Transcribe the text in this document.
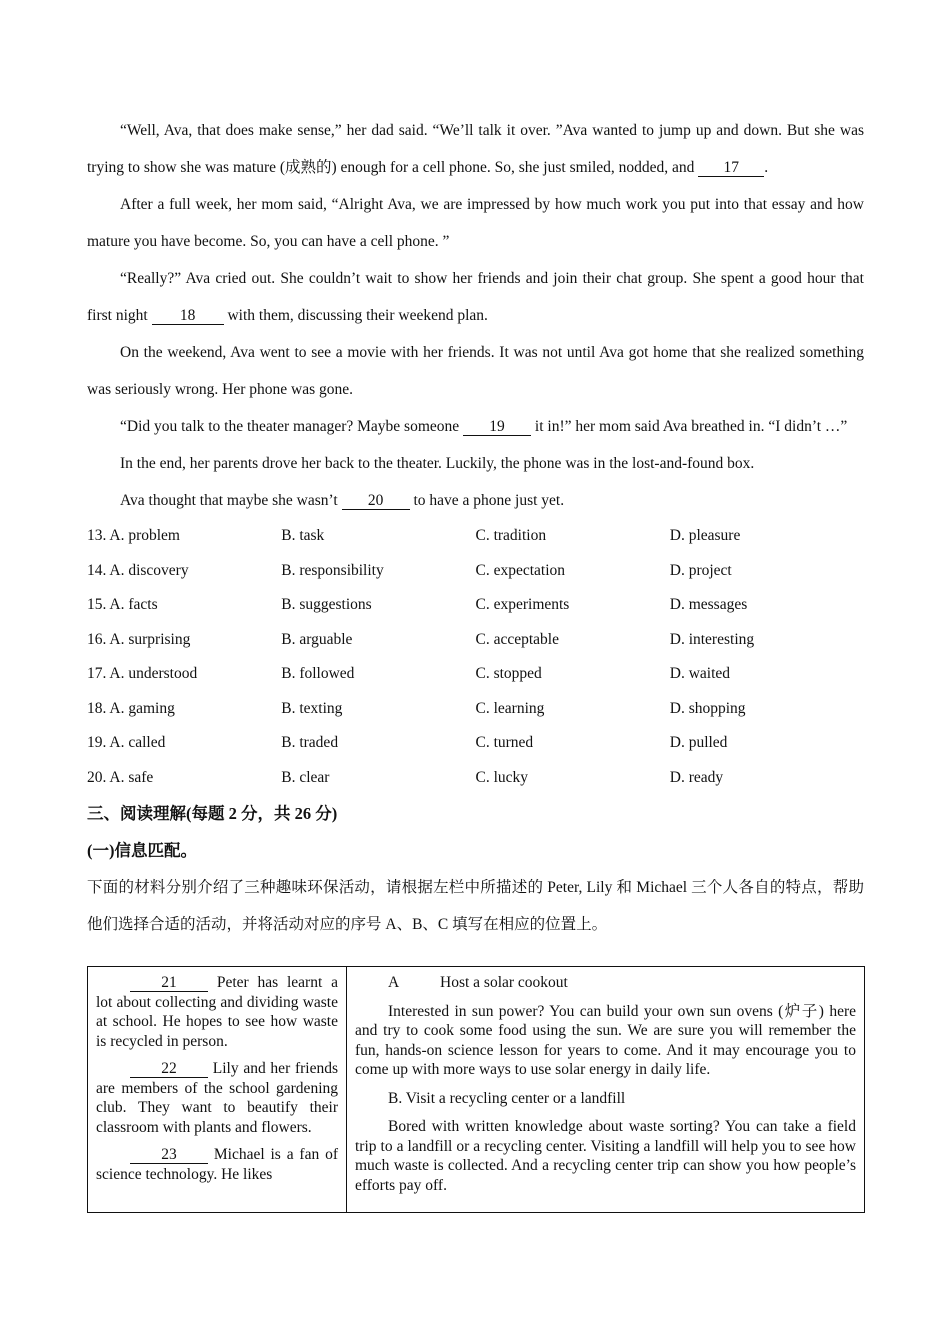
“Well, Ava, that does make sense,” her dad said. “We’ll talk it over. ”Ava wanted to jump up and down. But she was trying to show she was mature (成熟的) enough for a cell phone. So, she just smiled, nodded, and 17 .

After a full week, her mom said, “Alright Ava, we are impressed by how much work you put into that essay and how mature you have become. So, you can have a cell phone. ”

“Really?” Ava cried out. She couldn’t wait to show her friends and join their chat group. She spent a good hour that first night 18 with them, discussing their weekend plan.

On the weekend, Ava went to see a movie with her friends. It was not until Ava got home that she realized something was seriously wrong. Her phone was gone.

“Did you talk to the theater manager? Maybe someone 19 it in!” her mom said Ava breathed in. “I didn’t …”

In the end, her parents drove her back to the theater. Luckily, the phone was in the lost-and-found box.

Ava thought that maybe she wasn’t 20 to have a phone just yet.

13. A. problem	B. task	C. tradition	D. pleasure
14. A. discovery	B. responsibility	C. expectation	D. project
15. A. facts	B. suggestions	C. experiments	D. messages
16. A. surprising	B. arguable	C. acceptable	D. interesting
17. A. understood	B. followed	C. stopped	D. waited
18. A. gaming	B. texting	C. learning	D. shopping
19. A. called	B. traded	C. turned	D. pulled
20. A. safe	B. clear	C. lucky	D. ready
三、阅读理解(每题 2 分，共 26 分)
(一)信息匹配。

下面的材料分别介绍了三种趣味环保活动，请根据左栏中所描述的 Peter, Lily 和 Michael 三个人各自的特点，帮助他们选择合适的活动，并将活动对应的序号 A、B、C 填写在相应的位置上。

21	Peter has learnt a lot about collecting and dividing waste at school. He hopes to see how waste is recycled in person.

22 Lily and her friends are members of the school gardening club. They want to beautify their classroom with plants and flowers.

23 Michael is a fan of science technology. He likes

A	Host a solar cookout

Interested in sun power? You can build your own sun ovens (炉子) here and try to cook some food using the sun. We are sure you will remember the fun, hands-on science lesson for years to come. And it may encourage you to come up with more ways to use solar energy in daily life.

B. Visit a recycling center or a landfill

Bored with written knowledge about waste sorting? You can take a field trip to a landfill or a recycling center. Visiting a landfill will help you to see how much waste is collected. And a recycling center trip can show you how people’s efforts pay off.
